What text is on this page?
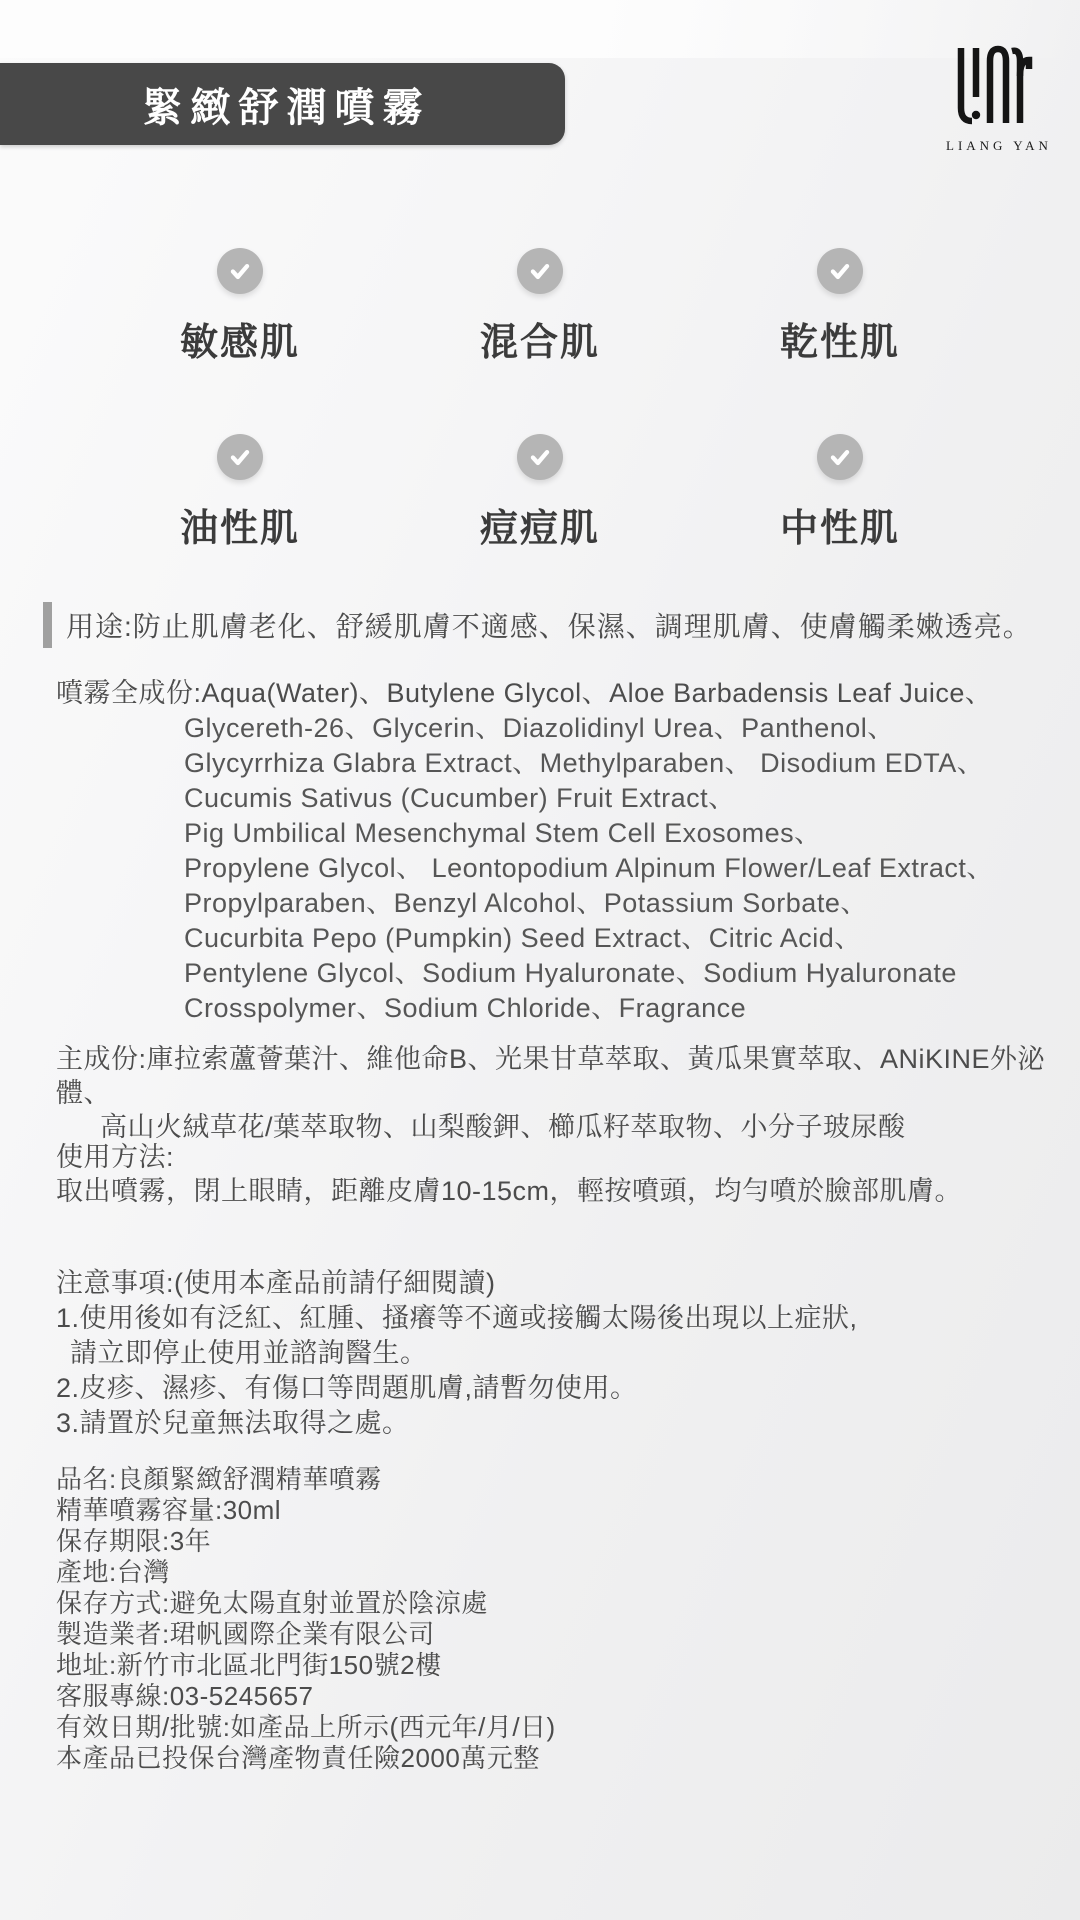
緊緻舒潤噴霧
LIANG YAN
敏感肌	混合肌	乾性肌
油性肌	痘痘肌	中性肌
用途:防止肌膚老化、舒緩肌膚不適感、保濕、調理肌膚、使膚觸柔嫩透亮。
噴霧全成份:Aqua(Water)、Butylene Glycol、Aloe Barbadensis Leaf Juice、
Glycereth-26、Glycerin、Diazolidinyl Urea、Panthenol、
Glycyrrhiza Glabra Extract、Methylparaben、 Disodium EDTA、
Cucumis Sativus (Cucumber) Fruit Extract、
Pig Umbilical Mesenchymal Stem Cell Exosomes、
Propylene Glycol、 Leontopodium Alpinum Flower/Leaf Extract、
Propylparaben、Benzyl Alcohol、Potassium Sorbate、
Cucurbita Pepo (Pumpkin) Seed Extract、Citric Acid、
Pentylene Glycol、Sodium Hyaluronate、Sodium Hyaluronate
Crosspolymer、Sodium Chloride、Fragrance
主成份:庫拉索蘆薈葉汁、維他命B、光果甘草萃取、黃瓜果實萃取、ANiKINE外泌體、
高山火絨草花/葉萃取物、山梨酸鉀、櫛瓜籽萃取物、小分子玻尿酸
使用方法:
取出噴霧，閉上眼睛，距離皮膚10-15cm，輕按噴頭，均勻噴於臉部肌膚。
注意事項:(使用本產品前請仔細閱讀)
1.使用後如有泛紅、紅腫、搔癢等不適或接觸太陽後出現以上症狀,
請立即停止使用並諮詢醫生。
2.皮疹、濕疹、有傷口等問題肌膚,請暫勿使用。
3.請置於兒童無法取得之處。
品名:良顏緊緻舒潤精華噴霧
精華噴霧容量:30ml
保存期限:3年
產地:台灣
保存方式:避免太陽直射並置於陰涼處
製造業者:珺帆國際企業有限公司
地址:新竹市北區北門街150號2樓
客服專線:03-5245657
有效日期/批號:如產品上所示(西元年/月/日)
本產品已投保台灣產物責任險2000萬元整
